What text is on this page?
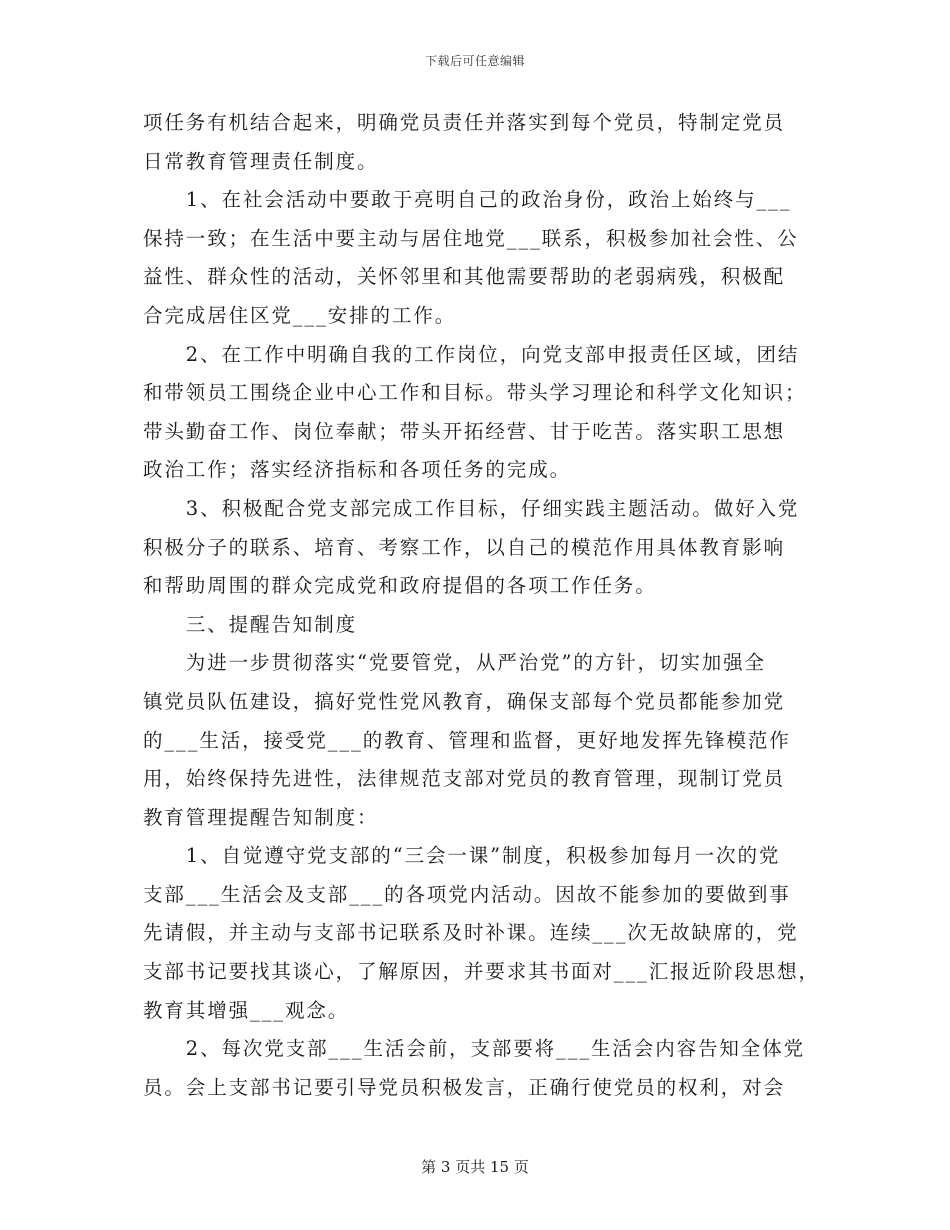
下载后可任意编辑
项任务有机结合起来，明确党员责任并落实到每个党员，特制定党员
日常教育管理责任制度。
　　1、在社会活动中要敢于亮明自己的政治身份，政治上始终与___
保持一致；在生活中要主动与居住地党___联系，积极参加社会性、公
益性、群众性的活动，关怀邻里和其他需要帮助的老弱病残，积极配
合完成居住区党___安排的工作。
　　2、在工作中明确自我的工作岗位，向党支部申报责任区域，团结
和带领员工围绕企业中心工作和目标。带头学习理论和科学文化知识；
带头勤奋工作、岗位奉献；带头开拓经营、甘于吃苦。落实职工思想
政治工作；落实经济指标和各项任务的完成。
　　3、积极配合党支部完成工作目标，仔细实践主题活动。做好入党
积极分子的联系、培育、考察工作，以自己的模范作用具体教育影响
和帮助周围的群众完成党和政府提倡的各项工作任务。
　　三、提醒告知制度
　　为进一步贯彻落实“党要管党，从严治党”的方针，切实加强全
镇党员队伍建设，搞好党性党风教育，确保支部每个党员都能参加党
的___生活，接受党___的教育、管理和监督，更好地发挥先锋模范作
用，始终保持先进性，法律规范支部对党员的教育管理，现制订党员
教育管理提醒告知制度：
　　1、自觉遵守党支部的“三会一课”制度，积极参加每月一次的党
支部___生活会及支部___的各项党内活动。因故不能参加的要做到事
先请假，并主动与支部书记联系及时补课。连续___次无故缺席的，党
支部书记要找其谈心，了解原因，并要求其书面对___汇报近阶段思想，
教育其增强___观念。
　　2、每次党支部___生活会前，支部要将___生活会内容告知全体党
员。会上支部书记要引导党员积极发言，正确行使党员的权利，对会
第 3 页共 15 页
